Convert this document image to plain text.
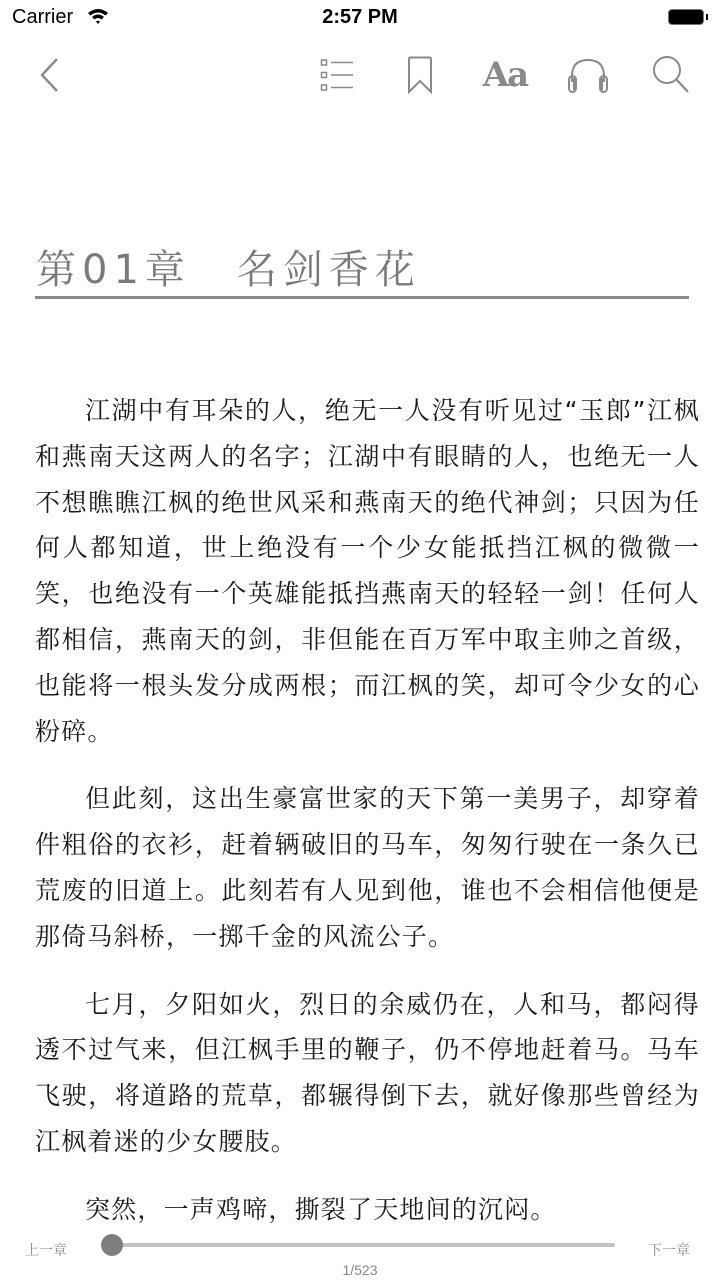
Carrier	2:57 PM
Aa
第01章　名剑香花

江湖中有耳朵的人，绝无一人没有听见过“玉郎”江枫和燕南天这两人的名字；江湖中有眼睛的人，也绝无一人不想瞧瞧江枫的绝世风采和燕南天的绝代神剑；只因为任何人都知道，世上绝没有一个少女能抵挡江枫的微微一笑，也绝没有一个英雄能抵挡燕南天的轻轻一剑！任何人都相信，燕南天的剑，非但能在百万军中取主帅之首级，也能将一根头发分成两根；而江枫的笑，却可令少女的心粉碎。

但此刻，这出生豪富世家的天下第一美男子，却穿着件粗俗的衣衫，赶着辆破旧的马车，匆匆行驶在一条久已荒废的旧道上。此刻若有人见到他，谁也不会相信他便是那倚马斜桥，一掷千金的风流公子。

七月，夕阳如火，烈日的余威仍在，人和马，都闷得透不过气来，但江枫手里的鞭子，仍不停地赶着马。马车飞驶，将道路的荒草，都辗得倒下去，就好像那些曾经为江枫着迷的少女腰肢。

突然，一声鸡啼，撕裂了天地间的沉闷。

上一章	下一章
1/523
